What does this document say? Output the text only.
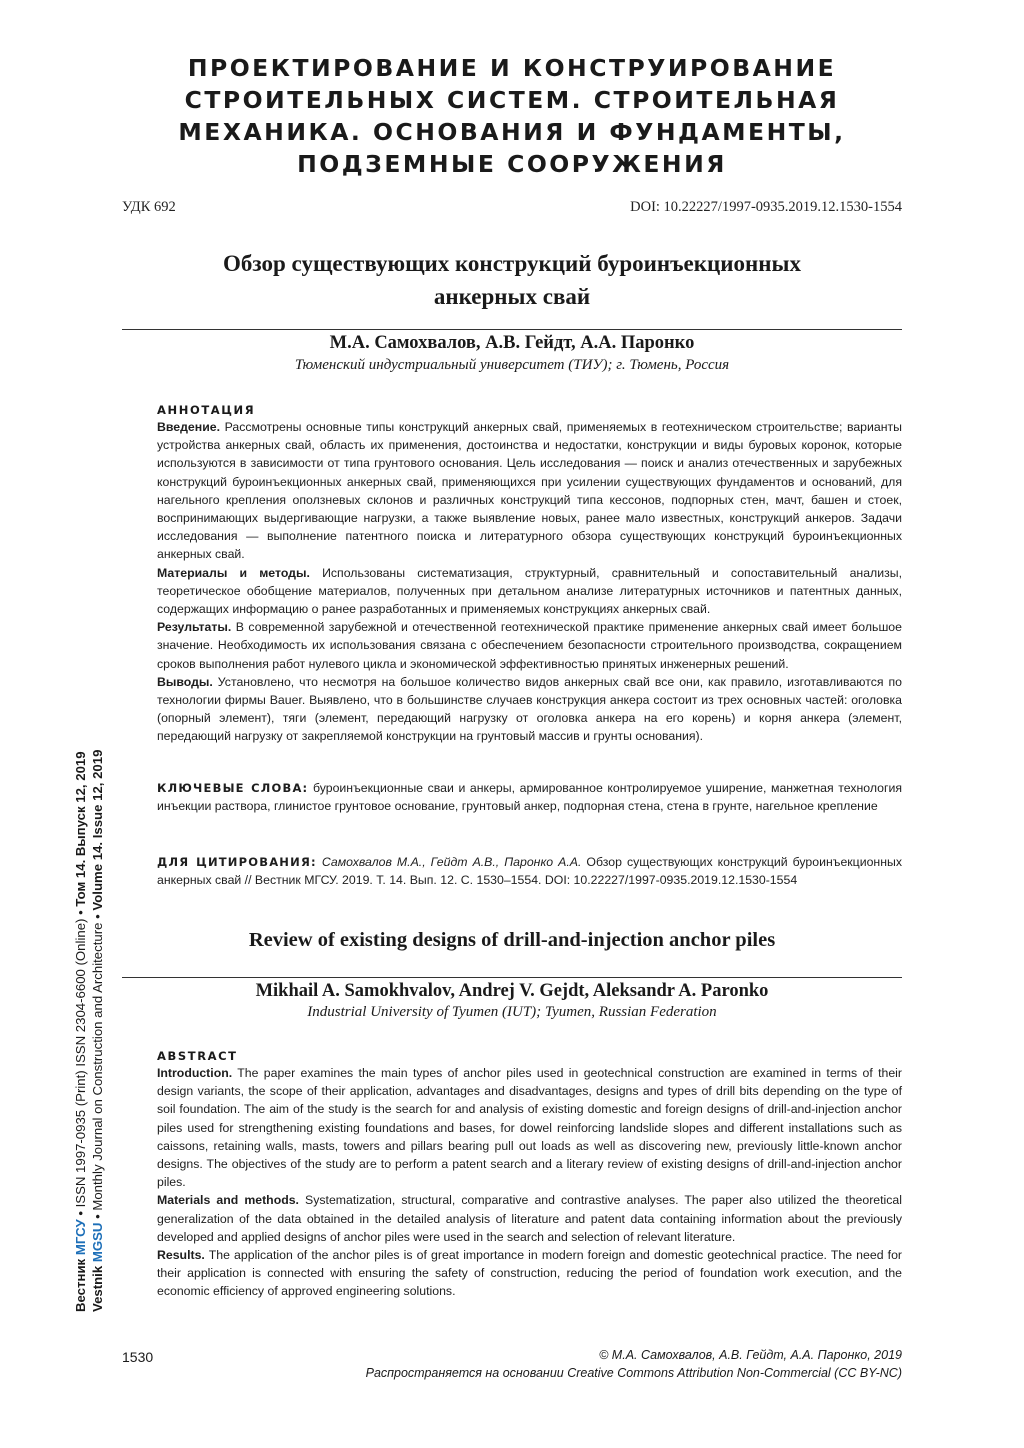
ПРОЕКТИРОВАНИЕ И КОНСТРУИРОВАНИЕ
СТРОИТЕЛЬНЫХ СИСТЕМ. СТРОИТЕЛЬНАЯ
МЕХАНИКА. ОСНОВАНИЯ И ФУНДАМЕНТЫ,
ПОДЗЕМНЫЕ СООРУЖЕНИЯ
УДК 692	DOI: 10.22227/1997-0935.2019.12.1530-1554
Обзор существующих конструкций буроинъекционных
анкерных свай
М.А. Самохвалов, А.В. Гейдт, А.А. Паронко
Тюменский индустриальный университет (ТИУ); г. Тюмень, Россия
АННОТАЦИЯ
Введение. Рассмотрены основные типы конструкций анкерных свай, применяемых в геотехническом строительстве; варианты устройства анкерных свай, область их применения, достоинства и недостатки, конструкции и виды буровых коронок, которые используются в зависимости от типа грунтового основания. Цель исследования — поиск и анализ отечественных и зарубежных конструкций буроинъекционных анкерных свай, применяющихся при усилении существующих фундаментов и оснований, для нагельного крепления оползневых склонов и различных конструкций типа кессонов, подпорных стен, мачт, башен и стоек, воспринимающих выдергивающие нагрузки, а также выявление новых, ранее мало известных, конструкций анкеров. Задачи исследования — выполнение патентного поиска и литературного обзора существующих конструкций буроинъекционных анкерных свай.
Материалы и методы. Использованы систематизация, структурный, сравнительный и сопоставительный анализы, теоретическое обобщение материалов, полученных при детальном анализе литературных источников и патентных данных, содержащих информацию о ранее разработанных и применяемых конструкциях анкерных свай.
Результаты. В современной зарубежной и отечественной геотехнической практике применение анкерных свай имеет большое значение. Необходимость их использования связана с обеспечением безопасности строительного производства, сокращением сроков выполнения работ нулевого цикла и экономической эффективностью принятых инженерных решений.
Выводы. Установлено, что несмотря на большое количество видов анкерных свай все они, как правило, изготавливаются по технологии фирмы Bauer. Выявлено, что в большинстве случаев конструкция анкера состоит из трех основных частей: оголовка (опорный элемент), тяги (элемент, передающий нагрузку от оголовка анкера на его корень) и корня анкера (элемент, передающий нагрузку от закрепляемой конструкции на грунтовый массив и грунты основания).
КЛЮЧЕВЫЕ СЛОВА: буроинъекционные сваи и анкеры, армированное контролируемое уширение, манжетная технология инъекции раствора, глинистое грунтовое основание, грунтовый анкер, подпорная стена, стена в грунте, нагельное крепление
ДЛЯ ЦИТИРОВАНИЯ: Самохвалов М.А., Гейдт А.В., Паронко А.А. Обзор существующих конструкций буроинъекционных анкерных свай // Вестник МГСУ. 2019. Т. 14. Вып. 12. С. 1530–1554. DOI: 10.22227/1997-0935.2019.12.1530-1554
Review of existing designs of drill-and-injection anchor piles
Mikhail A. Samokhvalov, Andrej V. Gejdt, Aleksandr A. Paronko
Industrial University of Tyumen (IUT); Tyumen, Russian Federation
ABSTRACT
Introduction. The paper examines the main types of anchor piles used in geotechnical construction are examined in terms of their design variants, the scope of their application, advantages and disadvantages, designs and types of drill bits depending on the type of soil foundation. The aim of the study is the search for and analysis of existing domestic and foreign designs of drill-and-injection anchor piles used for strengthening existing foundations and bases, for dowel reinforcing landslide slopes and different installations such as caissons, retaining walls, masts, towers and pillars bearing pull out loads as well as discovering new, previously little-known anchor designs. The objectives of the study are to perform a patent search and a literary review of existing designs of drill-and-injection anchor piles.
Materials and methods. Systematization, structural, comparative and contrastive analyses. The paper also utilized the theoretical generalization of the data obtained in the detailed analysis of literature and patent data containing information about the previously developed and applied designs of anchor piles were used in the search and selection of relevant literature.
Results. The application of the anchor piles is of great importance in modern foreign and domestic geotechnical practice. The need for their application is connected with ensuring the safety of construction, reducing the period of foundation work execution, and the economic efficiency of approved engineering solutions.
Вестник МГСУ • ISSN 1997-0935 (Print) ISSN 2304-6600 (Online) • Том 14. Выпуск 12, 2019
Vestnik MGSU • Monthly Journal on Construction and Architecture • Volume 14. Issue 12, 2019
1530	© М.А. Самохвалов, А.В. Гейдт, А.А. Паронко, 2019
Распространяется на основании Creative Commons Attribution Non-Commercial (CC BY-NC)
